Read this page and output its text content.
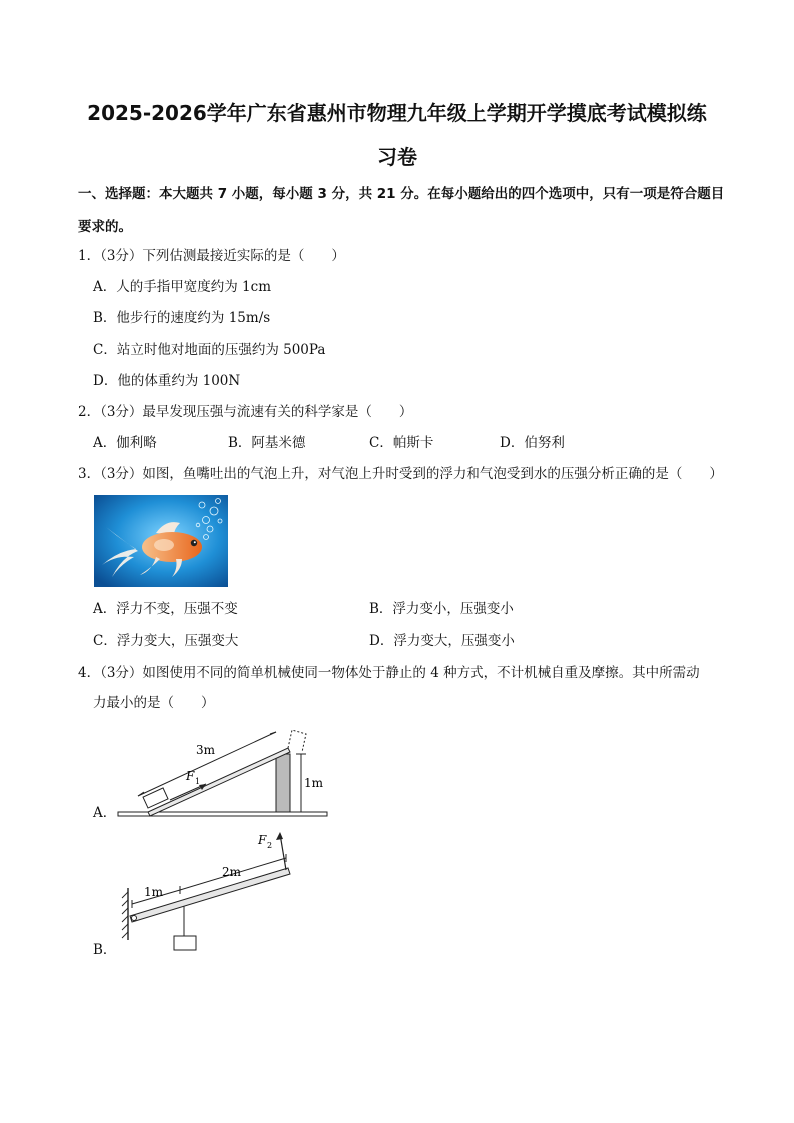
2025-2026学年广东省惠州市物理九年级上学期开学摸底考试模拟练
习卷
一、选择题：本大题共 7 小题，每小题 3 分，共 21 分。在每小题给出的四个选项中，只有一项是符合题目要求的。
1．（3分）下列估测最接近实际的是（　　）
A．人的手指甲宽度约为 1cm
B．他步行的速度约为 15m/s
C．站立时他对地面的压强约为 500Pa
D．他的体重约为 100N
2．（3分）最早发现压强与流速有关的科学家是（　　）
A．伽利略	B．阿基米德	C．帕斯卡	D．伯努利
3．（3分）如图，鱼嘴吐出的气泡上升，对气泡上升时受到的浮力和气泡受到水的压强分析正确的是（　　）
A．浮力不变，压强不变	B．浮力变小，压强变小
C．浮力变大，压强变大	D．浮力变大，压强变小
4．（3分）如图使用不同的简单机械使同一物体处于静止的 4 种方式，不计机械自重及摩擦。其中所需动
力最小的是（　　）
3m
1m
F 1
A．
1m
2m
F 2
B．
